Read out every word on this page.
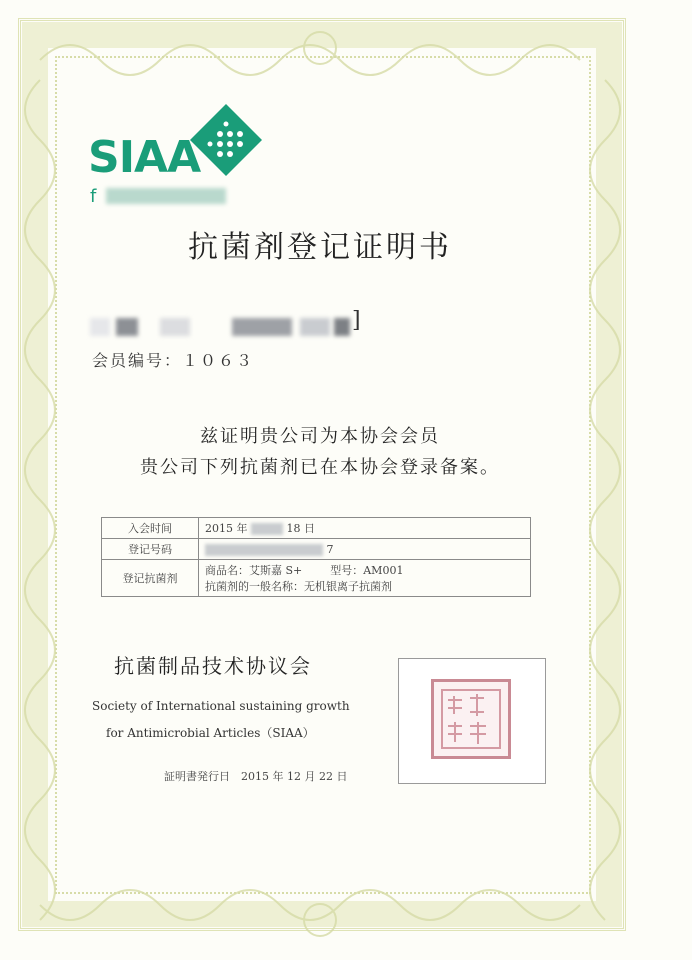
SIAA
f
抗菌剤登记证明书
]
会员编号：１０６３
兹证明贵公司为本协会会员
贵公司下列抗菌剂已在本协会登录备案。
入会时间	2015 年 18 日
登记号码	7
登记抗菌剂	商品名：艾斯嘉 S+ 型号：AM001
抗菌剂的一般名称：无机银离子抗菌剂
抗菌制品技术协议会
Society of International sustaining growth
for Antimicrobial Articles（SIAA）
証明書発行日　2015 年 12 月 22 日
